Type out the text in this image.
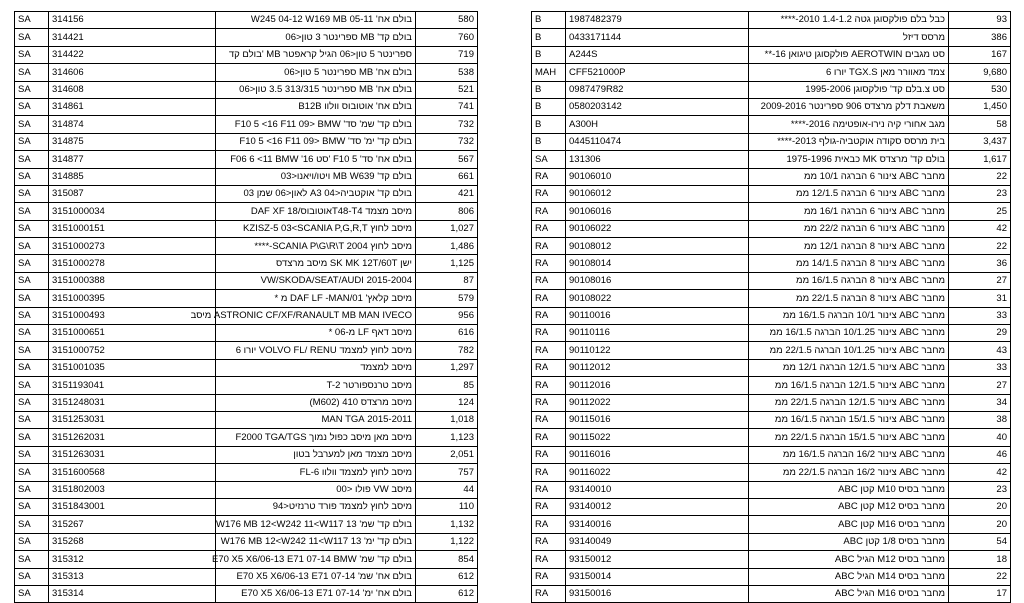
SA	314156	בולם אח' W245 04-12 W169 MB 05-11	580
SA	314421	בולם קד' MB ספרינטר 3 טון<06	760
SA	314422	ספרינטר 5 טון<06 הגיל קראפטר MB 'בולם קד	719
SA	314606	בולם אח' MB ספרינטר 5 טון<06	538
SA	314608	בולם אח' MB ספרינטר 313/315 3.5 טון<06	521
SA	314861	בולם אח' אוטובוס וולוו B12B	741
SA	314874	בולם קד' שמ' סד' F10 5 <16 F11 09> BMW	732
SA	314875	בולם קד' ימ' סד' F10 5 <16 F11 09> BMW	732
SA	314877	בולם אח' סד' F10 5 'סט 16' F06 6 <11 BMW	567
SA	314885	בולם קד' MB W639 ויטו/ויאנו<03	661
SA	315087	בולם קד' אוקטביה<04 A3 לאון<06 שמן 03	421
SA	3151000034	מיסב מצמד T48-T4אוטובוס/18 DAF XF	806
SA	3151000151	מיסב לחוץ KZISZ-5 03<SCANIA P,G,R,T	1,027
SA	3151000273	מיסב לחוץ SCANIA P\G\R\T 2004-****	1,486
SA	3151000278	ישן SK MK 12T/60T מיסב מרצדס	1,125
SA	3151000388	2015-2004 VW/SKODA/SEAT/AUDI	87
SA	3151000395	מיסב קלאץ' DAF LF -MAN/01 מ *	579
SA	3151000493	ASTRONIC CF/XF/RANAULT MB MAN IVECO מיסב	956
SA	3151000651	מיסב דאף LF מ-06 *	616
SA	3151000752	מיסב לחוץ למצמד VOLVO FL/ RENU יורו 6	782
SA	3151001035	מיסב למצמד	1,297
SA	3151193041	מיסב טרנספורטר T-2	85
SA	3151248031	מיסב מרצדס 410 (M602)	124
SA	3151253031	2015-2011 MAN TGA	1,018
SA	3151262031	מיסב מאן מיסב כפול נמוך F2000 TGA/TGS	1,123
SA	3151263031	מיסב מצמד מאן למערבל בטון	2,051
SA	3151600568	מיסב לחוץ למצמד וולוו FL-6	757
SA	3151802003	מיסב VW פולו <00	44
SA	3151843001	מיסב לחוץ למצמד פורד טרנזיט<94	110
SA	315267	בולם קד' שמ' W176 MB 12<W242 11<W117 13	1,132
SA	315268	בולם קד' ימ' W176 MB 12<W242 11<W117 13	1,122
SA	315312	בולם קד' שמ' E70 X5 X6/06-13 E71 07-14 BMW	854
SA	315313	בולם אח' שמ' E70 X5 X6/06-13 E71 07-14	612
SA	315314	בולם אח' ימ' E70 X5 X6/06-13 E71 07-14	612
B	1987482379	כבל בלם פולקסוגן גטה 1.4-1.2 2010-****	93
B	0433171144	מרסס דיזל	386
B	A244S	סט מגבים AEROTWIN פולקסוגן טיגואן 16-**	167
MAH	CFF521000P	צמד מאוורר מאן TGX.S יורו 6	9,680
B	0987479R82	סט צ.בלם קד' פולקסוגן 1995-2006	530
B	0580203142	משאבת דלק מרצדס 906 ספרינטר 2009-2016	1,450
B	A300H	מגב אחורי קיה נירו-אופטימה 2016-****	58
B	0445110474	בית מרסס סקודה אוקטביה-גולף 2013-****	3,437
SA	131306	בולם קד' מרצדס MK כבאית 1975-1996	1,617
RA	90106010	מחבר ABC צינור 6 הברגה 10/1 ממ	22
RA	90106012	מחבר ABC צינור 6 הברגה 12/1.5 ממ	23
RA	90106016	מחבר ABC צינור 6 הברגה 16/1 ממ	25
RA	90106022	מחבר ABC צינור 6 הברגה 22/2 ממ	42
RA	90108012	מחבר ABC צינור 8 הברגה 12/1 ממ	22
RA	90108014	מחבר ABC צינור 8 הברגה 14/1.5 ממ	36
RA	90108016	מחבר ABC צינור 8 הברגה 16/1.5 ממ	27
RA	90108022	מחבר ABC צינור 8 הברגה 22/1.5 ממ	31
RA	90110016	מחבר ABC צינור 10/1 הברגה 16/1.5 ממ	33
RA	90110116	מחבר ABC צינור 10/1.25 הברגה 16/1.5 ממ	29
RA	90110122	מחבר ABC צינור 10/1.25 הברגה 22/1.5 ממ	43
RA	90112012	מחבר ABC צינור 12/1.5 הברגה 12/1 ממ	33
RA	90112016	מחבר ABC צינור 12/1.5 הברגה 16/1.5 ממ	27
RA	90112022	מחבר ABC צינור 12/1.5 הברגה 22/1.5 ממ	34
RA	90115016	מחבר ABC צינור 15/1.5 הברגה 16/1.5 ממ	38
RA	90115022	מחבר ABC צינור 15/1.5 הברגה 22/1.5 ממ	40
RA	90116016	מחבר ABC צינור 16/2 הברגה 16/1.5 ממ	46
RA	90116022	מחבר ABC צינור 16/2 הברגה 22/1.5 ממ	42
RA	93140010	מחבר בסיס M10 קטן ABC	23
RA	93140012	מחבר בסיס M12 קטן ABC	20
RA	93140016	מחבר בסיס M16 קטן ABC	20
RA	93140049	מחבר בסיס 1/8 קטן ABC	54
RA	93150012	מחבר בסיס M12 הגיל ABC	18
RA	93150014	מחבר בסיס M14 הגיל ABC	22
RA	93150016	מחבר בסיס M16 הגיל ABC	17
